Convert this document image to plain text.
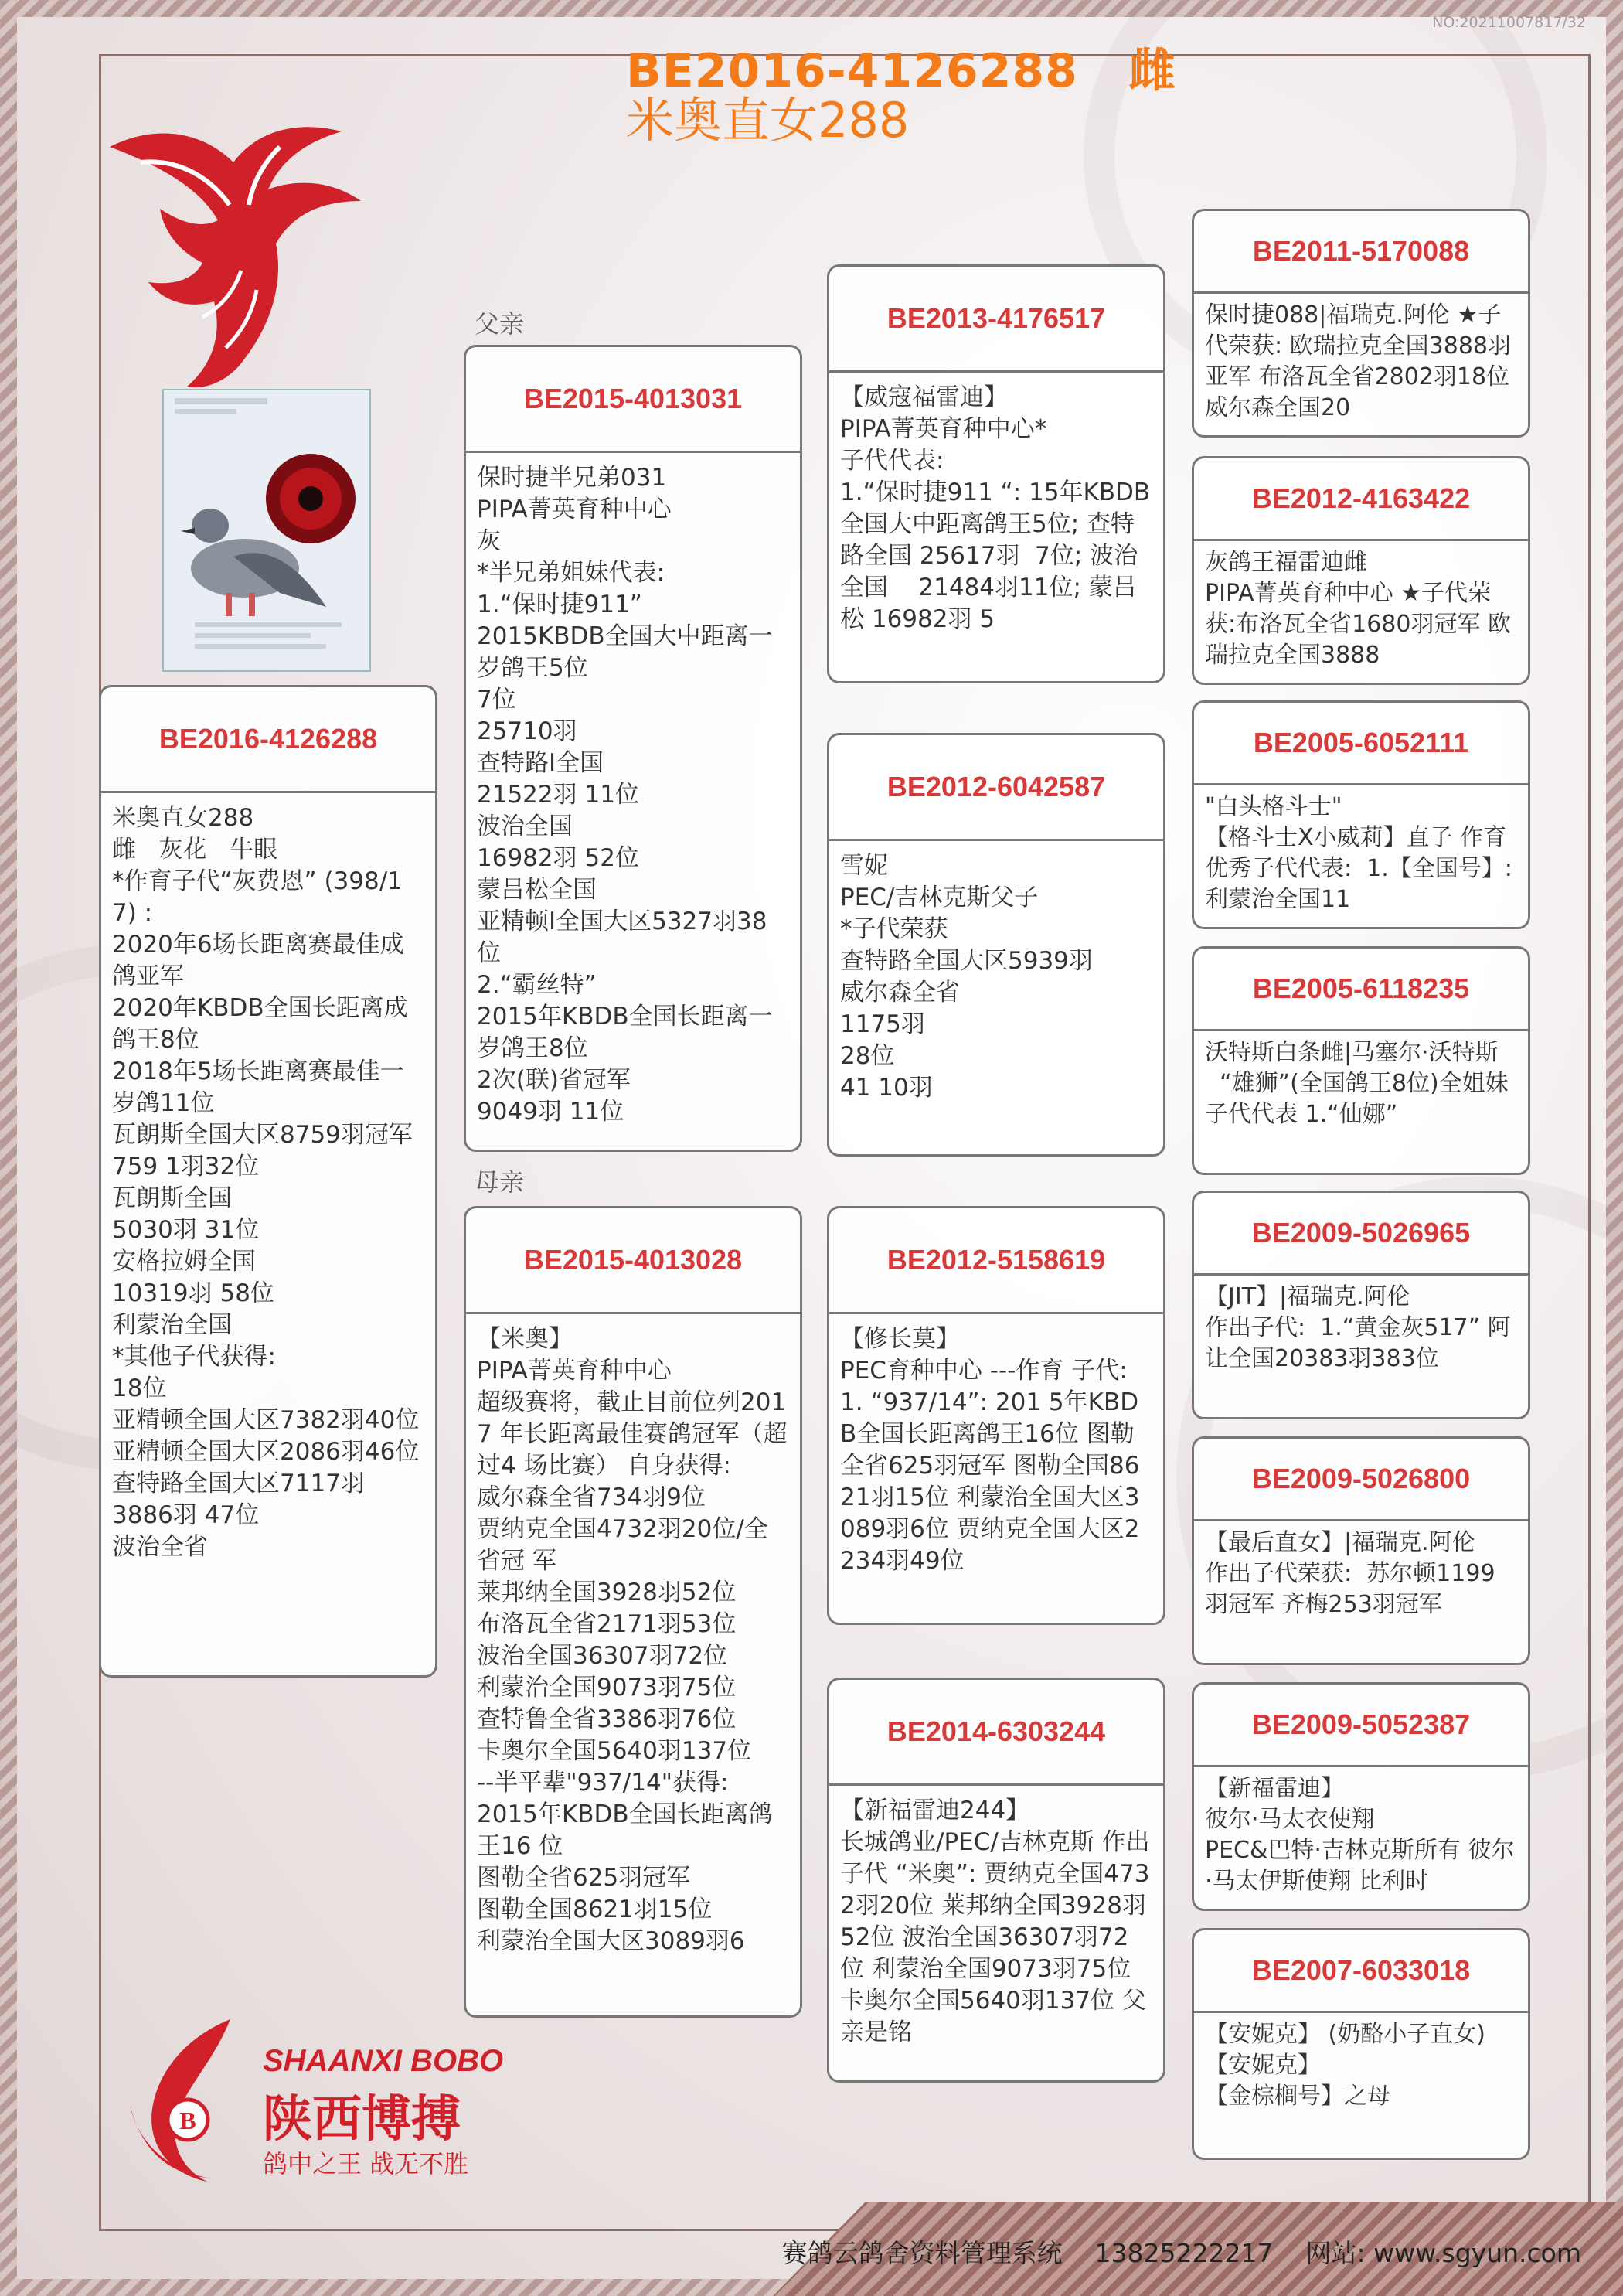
NO:20211007817/32
BE2016-4126288 雌
米奥直女288
父亲
母亲
BE2016-4126288
米奥直女288
雌   灰花   牛眼
*作育子代“灰费恩” (398/17) :
2020年6场长距离赛最佳成鸽亚军
2020年KBDB全国长距离成鸽王8位
2018年5场长距离赛最佳一岁鸽11位
瓦朗斯全国大区8759羽冠军
759 1羽32位
瓦朗斯全国
5030羽 31位
安格拉姆全国
10319羽 58位
利蒙治全国
*其他子代获得:
18位
亚精顿全国大区7382羽40位
亚精顿全国大区2086羽46位
查特路全国大区7117羽
3886羽 47位
波治全省
BE2015-4013031
保时捷半兄弟031
PIPA菁英育种中心
灰
*半兄弟姐妹代表:
1.“保时捷911”
2015KBDB全国大中距离一岁鸽王5位
7位
25710羽
查特路I全国
21522羽 11位
波治全国
16982羽 52位
蒙吕松全国
亚精顿I全国大区5327羽38位
2.“霸丝特”
2015年KBDB全国长距离一岁鸽王8位
2次(联)省冠军
9049羽 11位
BE2015-4013028
【米奥】
PIPA菁英育种中心
超级赛将，截止目前位列2017 年长距离最佳赛鸽冠军（超过4 场比赛） 自身获得:
威尔森全省734羽9位
贾纳克全国4732羽20位/全省冠 军
莱邦纳全国3928羽52位
布洛瓦全省2171羽53位
波治全国36307羽72位
利蒙治全国9073羽75位
查特鲁全省3386羽76位
卡奥尔全国5640羽137位
--半平辈"937/14"获得:
2015年KBDB全国长距离鸽王16 位
图勒全省625羽冠军
图勒全国8621羽15位
利蒙治全国大区3089羽6
BE2013-4176517
【威寇福雷迪】
PIPA菁英育种中心*
子代代表:
1.“保时捷911 “: 15年KBDB全国大中距离鸽王5位; 查特路全国 25617羽  7位; 波治全国    21484羽11位; 蒙吕松 16982羽 5
BE2012-6042587
雪妮
PEC/吉林克斯父子
*子代荣获
查特路全国大区5939羽
威尔森全省
1175羽
28位
41 10羽
BE2012-5158619
【修长莫】
PEC育种中心 ---作育 子代: 1. “937/14”: 201 5年KBDB全国长距离鸽王16位 图勒全省625羽冠军 图勒全国8621羽15位 利蒙治全国大区3089羽6位 贾纳克全国大区2234羽49位
BE2014-6303244
【新福雷迪244】
长城鸽业/PEC/吉林克斯 作出子代 “米奥”: 贾纳克全国4732羽20位 莱邦纳全国3928羽52位 波治全国36307羽72位 利蒙治全国9073羽75位 卡奥尔全国5640羽137位 父亲是铭
BE2011-5170088
保时捷088|福瑞克.阿伦 ★子代荣获: 欧瑞拉克全国3888羽亚军 布洛瓦全省2802羽18位 威尔森全国20
BE2012-4163422
灰鸽王福雷迪雌
PIPA菁英育种中心 ★子代荣获:布洛瓦全省1680羽冠军 欧瑞拉克全国3888
BE2005-6052111
"白头格斗士"
【格斗士X小威莉】直子 作育优秀子代代表:  1.【全国号】:  利蒙治全国11
BE2005-6118235
沃特斯白条雌|马塞尔·沃特斯
“雄狮”(全国鸽王8位)全姐妹 子代代表 1.“仙娜”
BE2009-5026965
【JIT】|福瑞克.阿伦
作出子代:  1.“黄金灰517” 阿让全国20383羽383位
BE2009-5026800
【最后直女】|福瑞克.阿伦
作出子代荣获:  苏尔顿1199羽冠军 齐梅253羽冠军
BE2009-5052387
【新福雷迪】
彼尔·马太衣使翔
PEC&巴特·吉林克斯所有 彼尔·马太伊斯使翔 比利时
BE2007-6033018
【安妮克】 (奶酪小子直女)
【安妮克】
【金棕榈号】之母
B
SHAANXI BOBO
陕西博搏
鸽中之王 战无不胜
赛鸽云鸽舍资料管理系统 13825222217 网站: www.sgyun.com
